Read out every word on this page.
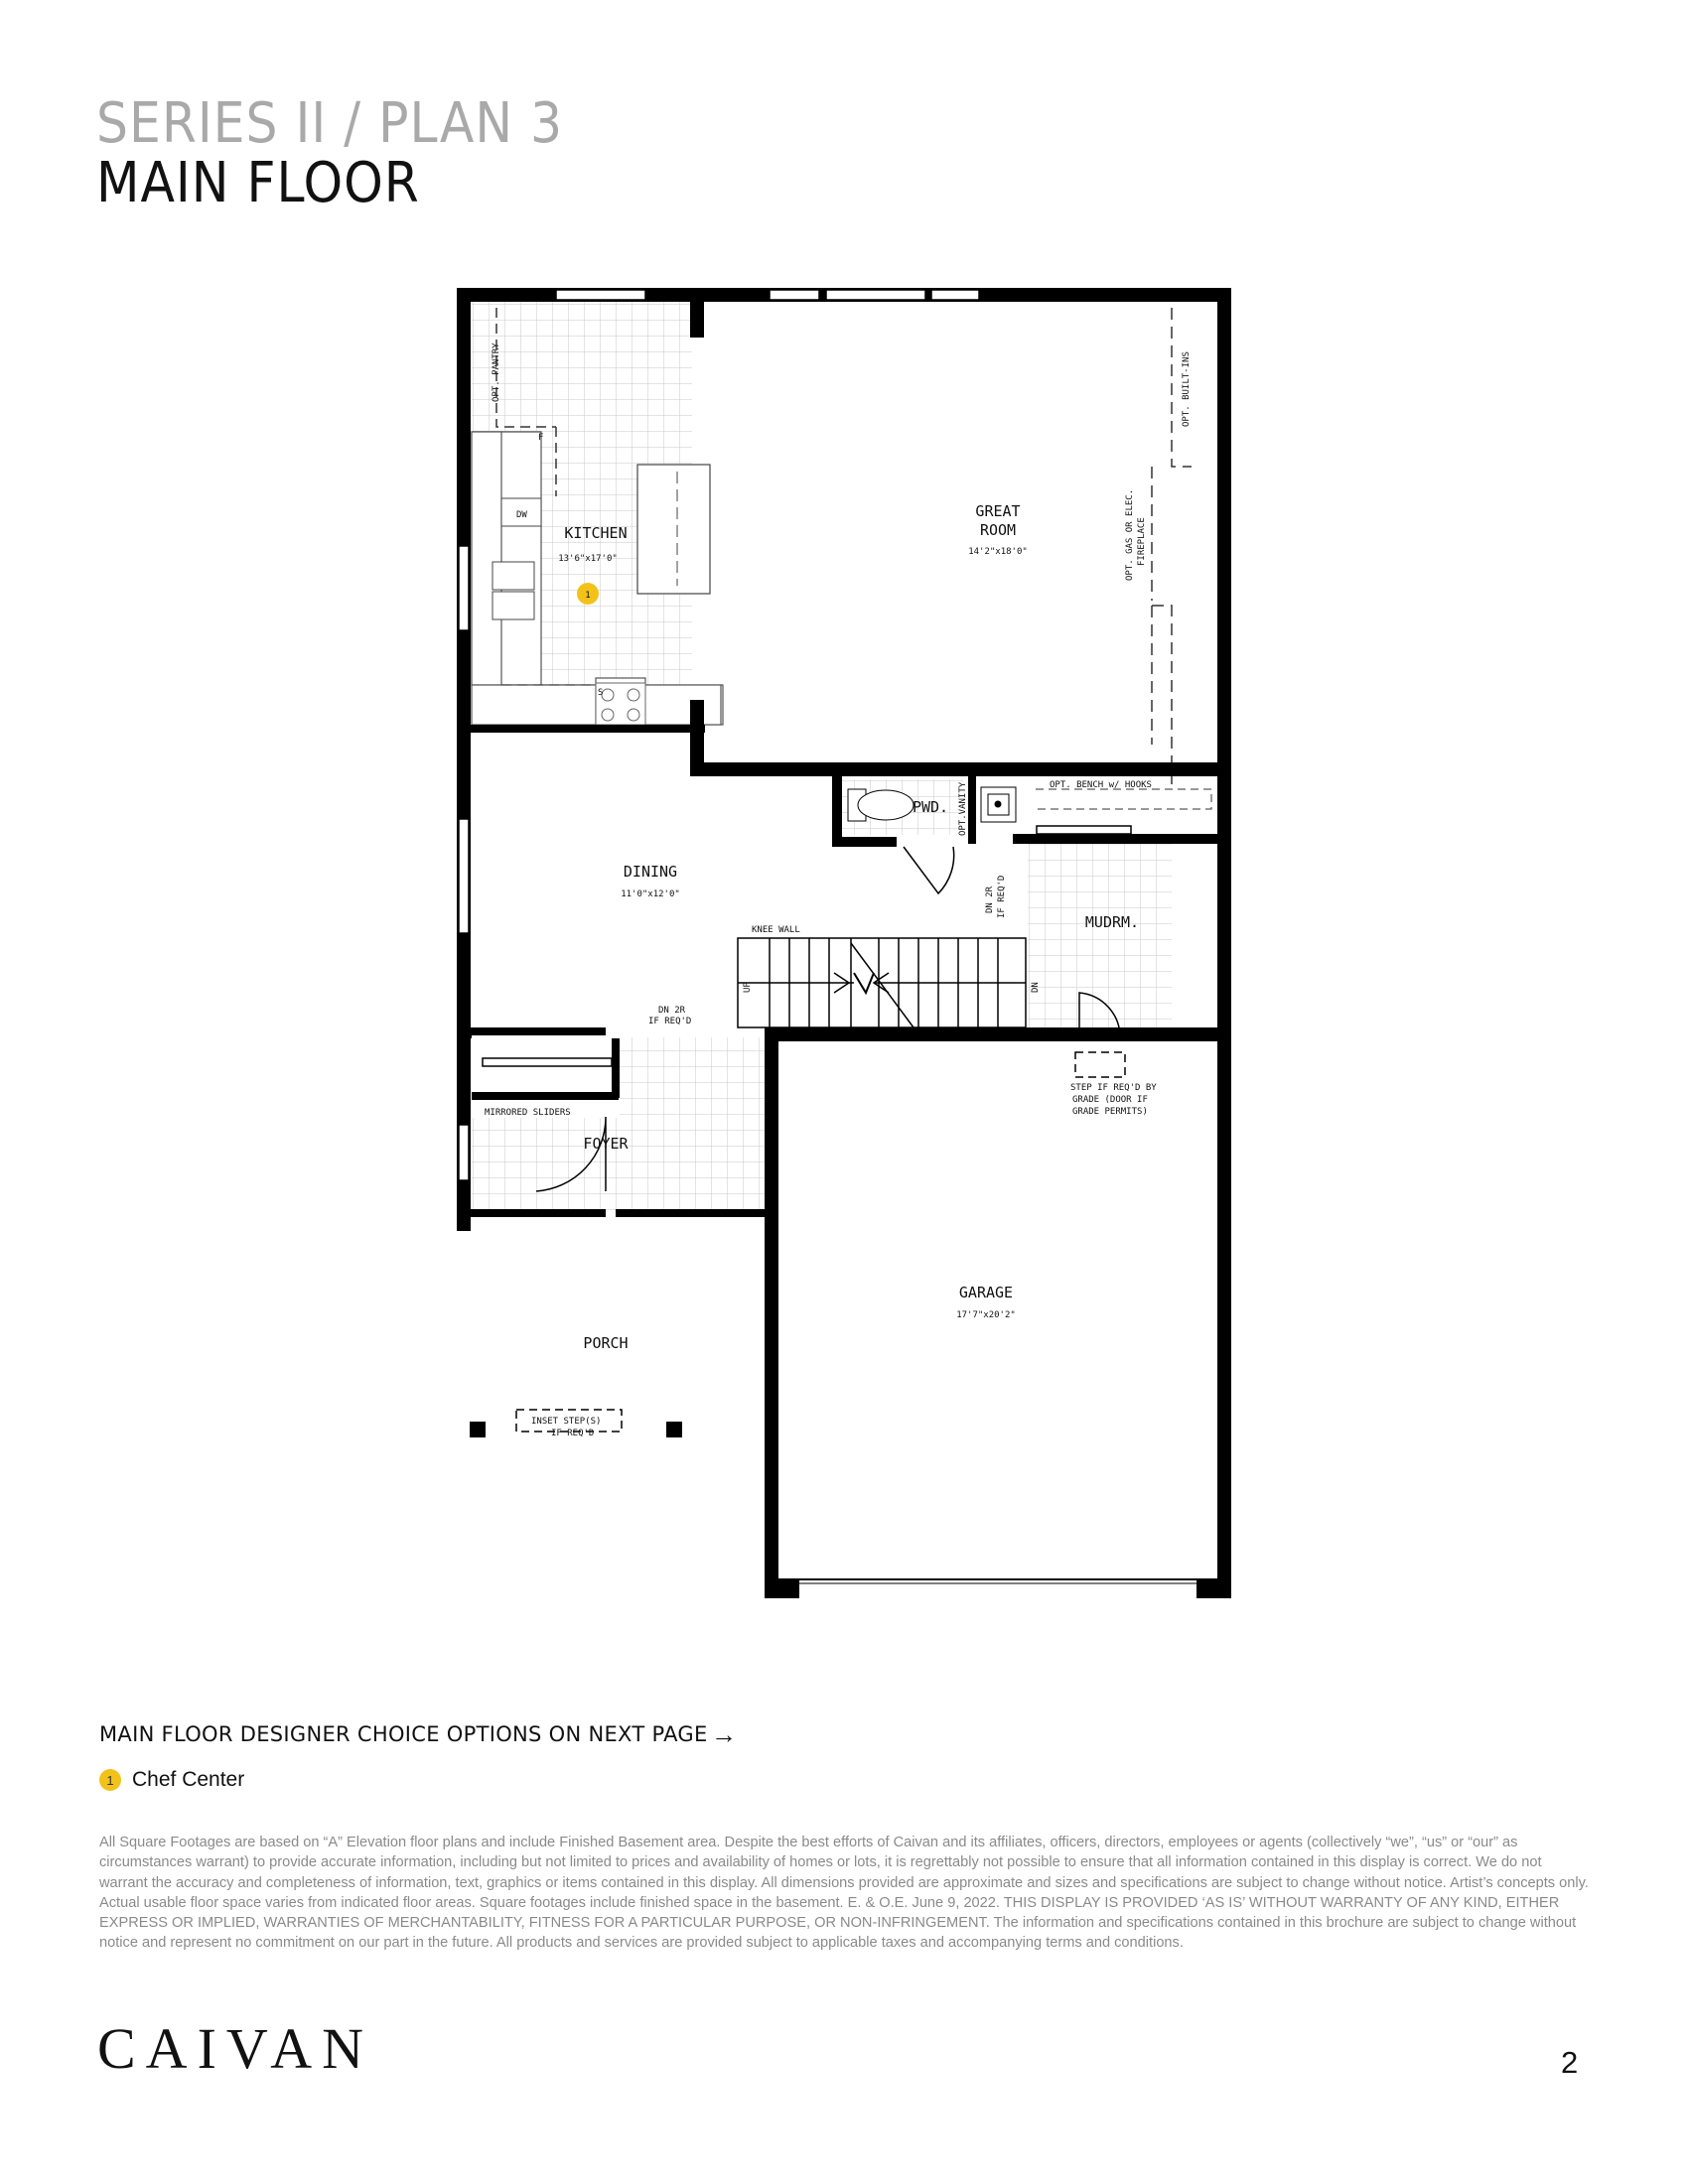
SERIES II / PLAN 3
MAIN FLOOR
KITCHEN
13'6"x17'0"
1
GREAT
ROOM
14'2"x18'0"
DINING
11'0"x12'0"
PWD.
MUDRM.
FOYER
PORCH
GARAGE
17'7"x20'2"
OPT. PANTRY	OPT. BUILT-INS
OPT. GAS OR ELEC. FIREPLACE
DW
F
S
OPT.VANITY	OPT. BENCH w/ HOOKS
DN 2R IF REQ'D
KNEE WALL
UP	DN
DN 2R
IF REQ'D
MIRRORED SLIDERS
STEP IF REQ'D BY
GRADE (DOOR IF
GRADE PERMITS)
INSET STEP(S)
IF REQ'D
MAIN FLOOR DESIGNER CHOICE OPTIONS ON NEXT PAGE →
1 Chef Center
All Square Footages are based on “A” Elevation floor plans and include Finished Basement area. Despite the best efforts of Caivan and its affiliates, officers, directors, employees or agents (collectively “we”, “us” or “our” as circumstances warrant) to provide accurate information, including but not limited to prices and availability of homes or lots, it is regrettably not possible to ensure that all information contained in this display is correct. We do not warrant the accuracy and completeness of information, text, graphics or items contained in this display. All dimensions provided are approximate and sizes and specifications are subject to change without notice. Artist’s concepts only. Actual usable floor space varies from indicated floor areas. Square footages include finished space in the basement. E. & O.E. June 9, 2022. THIS DISPLAY IS PROVIDED ‘AS IS’ WITHOUT WARRANTY OF ANY KIND, EITHER EXPRESS OR IMPLIED, WARRANTIES OF MERCHANTABILITY, FITNESS FOR A PARTICULAR PURPOSE, OR NON-INFRINGEMENT. The information and specifications contained in this brochure are subject to change without notice and represent no commitment on our part in the future. All products and services are provided subject to applicable taxes and accompanying terms and conditions.
CAIVAN	2
